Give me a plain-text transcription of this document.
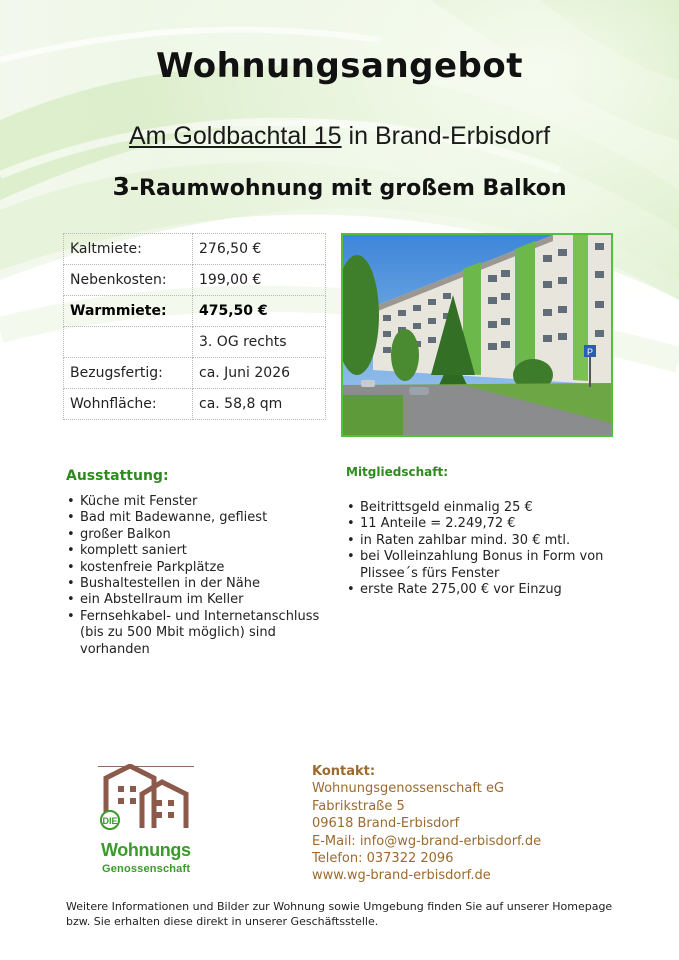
Wohnungsangebot
Am Goldbachtal 15 in Brand-Erbisdorf
3-Raumwohnung mit großem Balkon
Kaltmiete:	276,50 €
Nebenkosten:	199,00 €
Warmmiete:	475,50 €
	3. OG rechts
Bezugsfertig:	ca. Juni 2026
Wohnfläche:	ca. 58,8 qm
P
Ausstattung:
• Küche mit Fenster
• Bad mit Badewanne, gefliest
• großer Balkon
• komplett saniert
• kostenfreie Parkplätze
• Bushaltestellen in der Nähe
• ein Abstellraum im Keller
• Fernsehkabel- und Internetanschluss (bis zu 500 Mbit möglich) sind vorhanden
Mitgliedschaft:
• Beitrittsgeld einmalig 25 €
• 11 Anteile = 2.249,72 €
• in Raten zahlbar mind. 30 € mtl.
• bei Volleinzahlung Bonus in Form von Plissee´s fürs Fenster
• erste Rate 275,00 € vor Einzug
DIE
Wohnungs
Genossenschaft
Kontakt:
Wohnungsgenossenschaft eG
Fabrikstraße 5
09618 Brand-Erbisdorf
E-Mail: info@wg-brand-erbisdorf.de
Telefon: 037322 2096
www.wg-brand-erbisdorf.de
Weitere Informationen und Bilder zur Wohnung sowie Umgebung finden Sie auf unserer Homepage
bzw. Sie erhalten diese direkt in unserer Geschäftsstelle.
